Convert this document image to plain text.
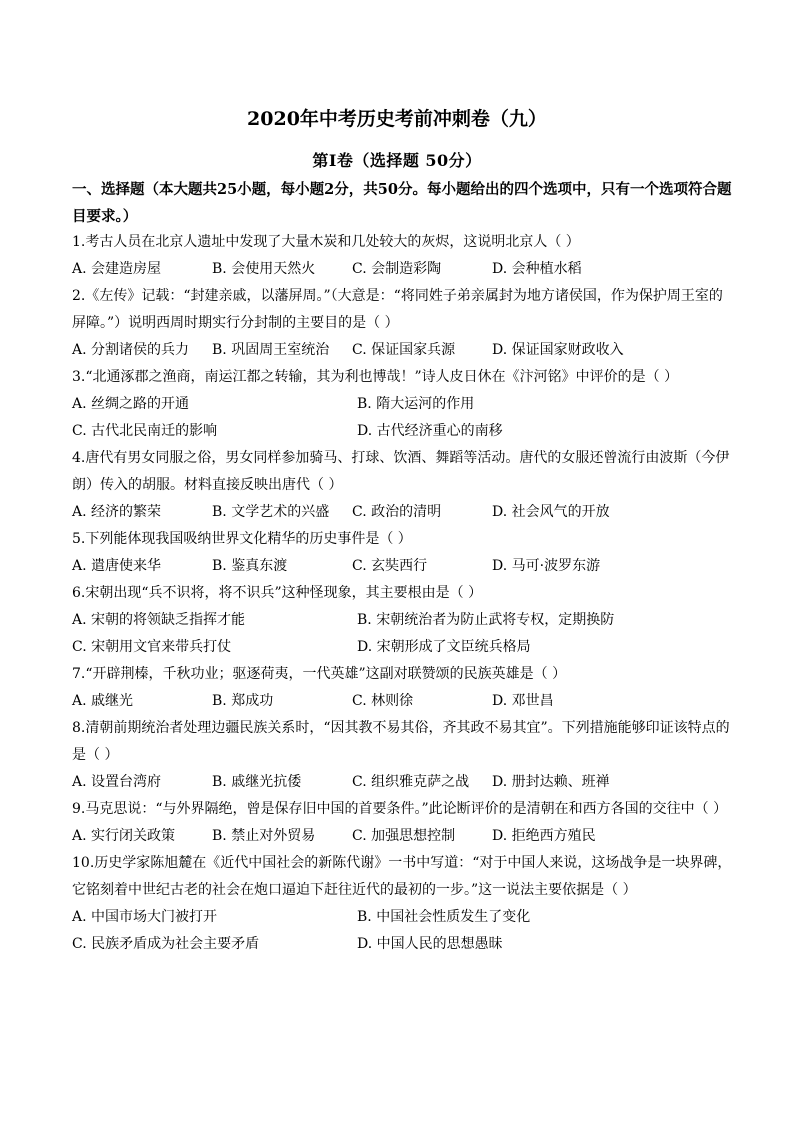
2020年中考历史考前冲刺卷（九）
第Ⅰ卷（选择题 50分）
一、选择题（本大题共25小题，每小题2分，共50分。每小题给出的四个选项中，只有一个选项符合题目要求。）
1.考古人员在北京人遗址中发现了大量木炭和几处较大的灰烬，这说明北京人（ ）
A. 会建造房屋	B. 会使用天然火	C. 会制造彩陶	D. 会种植水稻
2.《左传》记载：“封建亲戚，以藩屏周。”（大意是：“将同姓子弟亲属封为地方诸侯国，作为保护周王室的屏障。”）说明西周时期实行分封制的主要目的是（ ）
A. 分割诸侯的兵力	B. 巩固周王室统治	C. 保证国家兵源	D. 保证国家财政收入
3.“北通涿郡之渔商，南运江都之转输，其为利也博哉！”诗人皮日休在《汴河铭》中评价的是（ ）
A. 丝绸之路的开通	B. 隋大运河的作用
C. 古代北民南迁的影响	D. 古代经济重心的南移
4.唐代有男女同服之俗，男女同样参加骑马、打球、饮酒、舞蹈等活动。唐代的女服还曾流行由波斯（今伊朗）传入的胡服。材料直接反映出唐代（ ）
A. 经济的繁荣	B. 文学艺术的兴盛	C. 政治的清明	D. 社会风气的开放
5.下列能体现我国吸纳世界文化精华的历史事件是（ ）
A. 遣唐使来华	B. 鉴真东渡	C. 玄奘西行	D. 马可·波罗东游
6.宋朝出现“兵不识将，将不识兵”这种怪现象，其主要根由是（ ）
A. 宋朝的将领缺乏指挥才能	B. 宋朝统治者为防止武将专权，定期换防
C. 宋朝用文官来带兵打仗	D. 宋朝形成了文臣统兵格局
7.“开辟荆榛，千秋功业；驱逐荷夷，一代英雄”这副对联赞颂的民族英雄是（ ）
A. 戚继光	B. 郑成功	C. 林则徐	D. 邓世昌
8.清朝前期统治者处理边疆民族关系时，“因其教不易其俗，齐其政不易其宜”。下列措施能够印证该特点的是（ ）
A. 设置台湾府	B. 戚继光抗倭	C. 组织雅克萨之战	D. 册封达赖、班禅
9.马克思说：“与外界隔绝，曾是保存旧中国的首要条件。”此论断评价的是清朝在和西方各国的交往中（ ）
A. 实行闭关政策	B. 禁止对外贸易	C. 加强思想控制	D. 拒绝西方殖民
10.历史学家陈旭麓在《近代中国社会的新陈代谢》一书中写道：“对于中国人来说，这场战争是一块界碑，它铭刻着中世纪古老的社会在炮口逼迫下赶往近代的最初的一步。”这一说法主要依据是（ ）
A. 中国市场大门被打开	B. 中国社会性质发生了变化
C. 民族矛盾成为社会主要矛盾	D. 中国人民的思想愚昧
